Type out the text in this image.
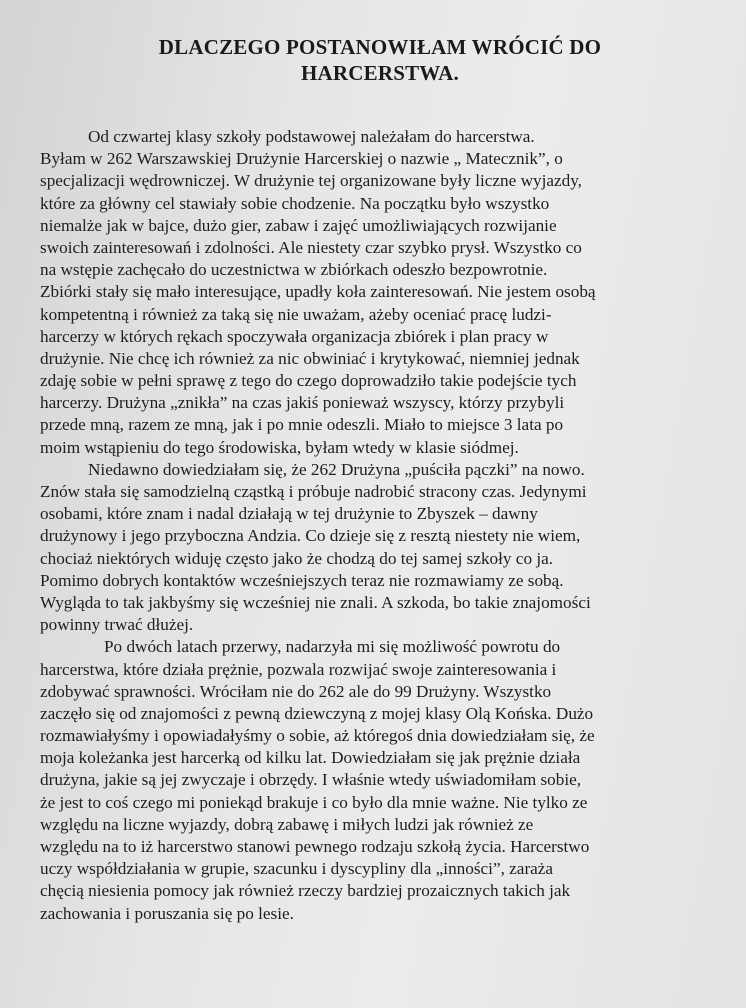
DLACZEGO POSTANOWIŁAM WRÓCIĆ DO
HARCERSTWA.
Od czwartej klasy szkoły podstawowej należałam do harcerstwa.
Byłam w 262 Warszawskiej Drużynie Harcerskiej o nazwie „ Matecznik”, o
specjalizacji wędrowniczej. W drużynie tej organizowane były liczne wyjazdy,
które za główny cel stawiały sobie chodzenie. Na początku było wszystko
niemalże jak w bajce, dużo gier, zabaw i zajęć umożliwiających rozwijanie
swoich zainteresowań i zdolności. Ale niestety czar szybko prysł. Wszystko co
na wstępie zachęcało do uczestnictwa w zbiórkach odeszło bezpowrotnie.
Zbiórki stały się mało interesujące, upadły koła zainteresowań. Nie jestem osobą
kompetentną i również za taką się nie uważam, ażeby oceniać pracę ludzi-
harcerzy w których rękach spoczywała organizacja zbiórek i plan pracy w
drużynie. Nie chcę ich również za nic obwiniać i krytykować, niemniej jednak
zdaję sobie w pełni sprawę z tego do czego doprowadziło takie podejście tych
harcerzy. Drużyna „znikła” na czas jakiś ponieważ wszyscy, którzy przybyli
przede mną, razem ze mną, jak i po mnie odeszli. Miało to miejsce 3 lata po
moim wstąpieniu do tego środowiska, byłam wtedy w klasie siódmej.
Niedawno dowiedziałam się, że 262 Drużyna „puściła pączki” na nowo.
Znów stała się samodzielną cząstką i próbuje nadrobić stracony czas. Jedynymi
osobami, które znam i nadal działają w tej drużynie to Zbyszek – dawny
drużynowy i jego przyboczna Andzia. Co dzieje się z resztą niestety nie wiem,
chociaż niektórych widuję często jako że chodzą do tej samej szkoły co ja.
Pomimo dobrych kontaktów wcześniejszych teraz nie rozmawiamy ze sobą.
Wygląda to tak jakbyśmy się wcześniej nie znali. A szkoda, bo takie znajomości
powinny trwać dłużej.
Po dwóch latach przerwy, nadarzyła mi się możliwość powrotu do
harcerstwa, które działa prężnie, pozwala rozwijać swoje zainteresowania i
zdobywać sprawności. Wróciłam nie do 262 ale do 99 Drużyny. Wszystko
zaczęło się od znajomości z pewną dziewczyną z mojej klasy Olą Końska. Dużo
rozmawiałyśmy i opowiadałyśmy o sobie, aż któregoś dnia dowiedziałam się, że
moja koleżanka jest harcerką od kilku lat. Dowiedziałam się jak prężnie działa
drużyna, jakie są jej zwyczaje i obrzędy. I właśnie wtedy uświadomiłam sobie,
że jest to coś czego mi poniekąd brakuje i co było dla mnie ważne. Nie tylko ze
względu na liczne wyjazdy, dobrą zabawę i miłych ludzi jak również ze
względu na to iż harcerstwo stanowi pewnego rodzaju szkołą życia. Harcerstwo
uczy współdziałania w grupie, szacunku i dyscypliny dla „inności”, zaraża
chęcią niesienia pomocy jak również rzeczy bardziej prozaicznych takich jak
zachowania i poruszania się po lesie.
